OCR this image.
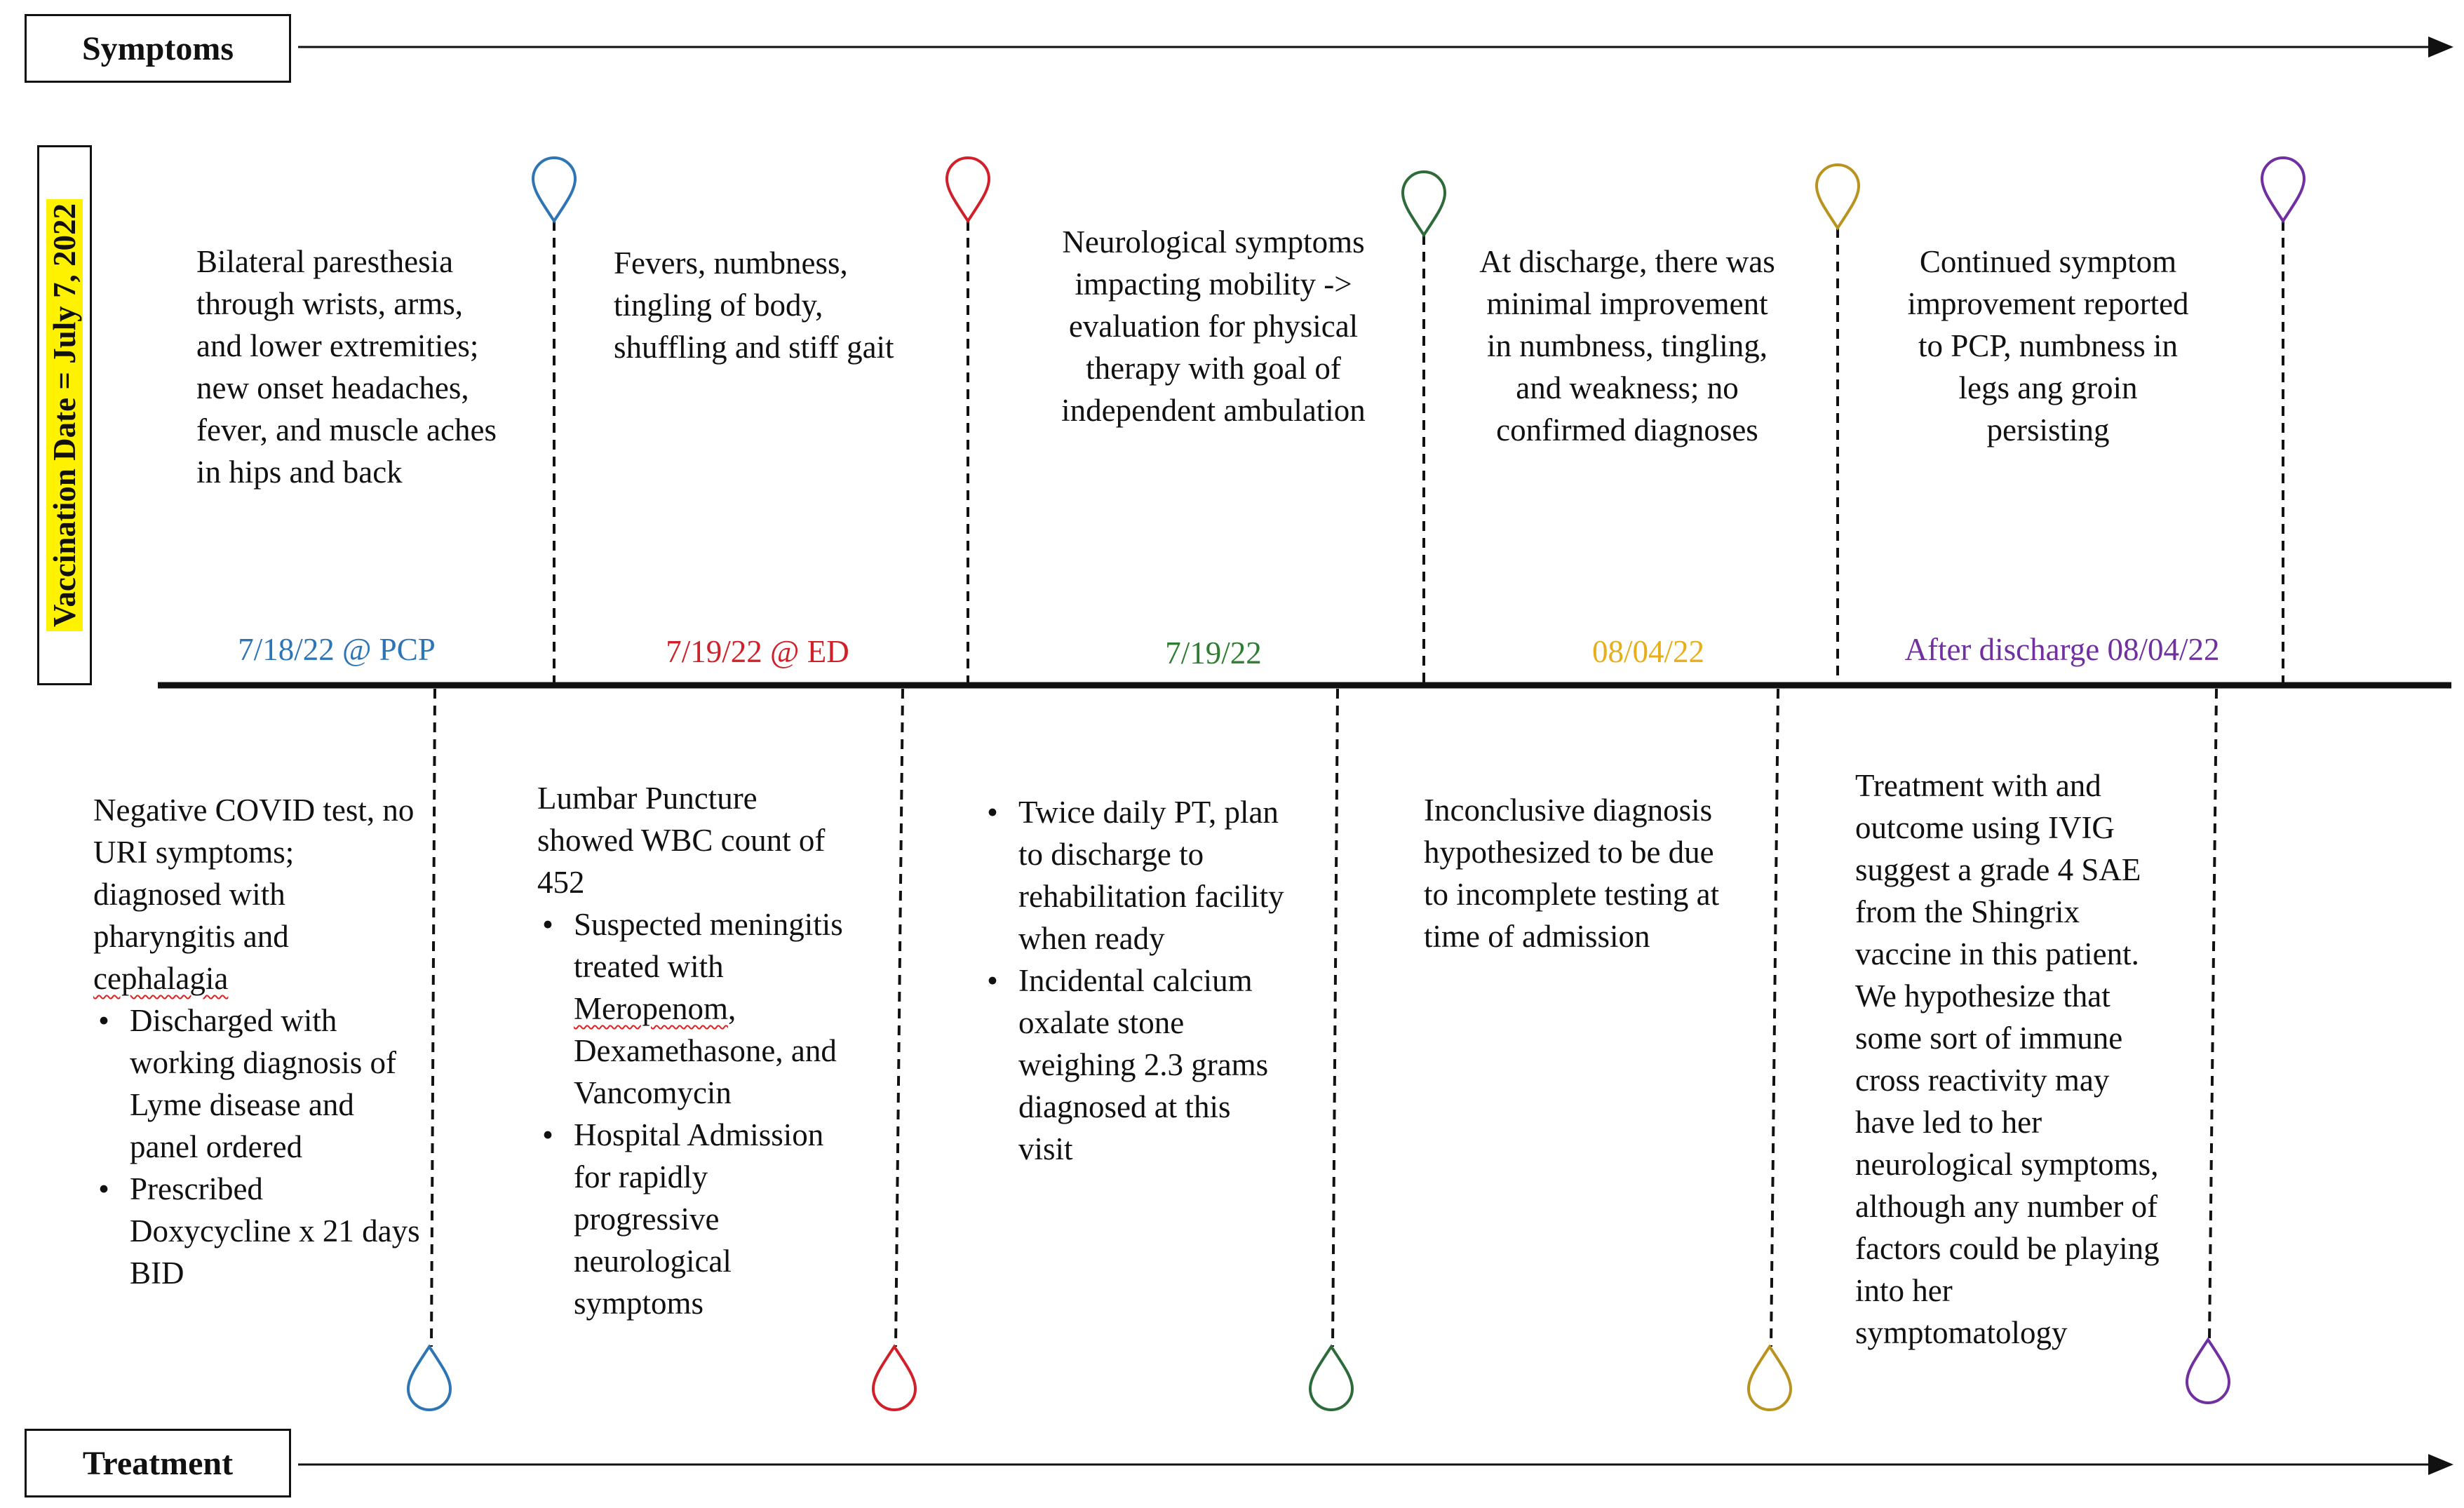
Symptoms
Treatment
Vaccination Date = July 7, 2022	Bilateral paresthesia through wrists, arms, and lower extremities; new onset headaches, fever, and muscle aches in hips and back
Fevers, numbness, tingling of body, shuffling and stiff gait
Neurological symptoms impacting mobility -> evaluation for physical therapy with goal of independent ambulation
At discharge, there was minimal improvement in numbness, tingling, and weakness; no confirmed diagnoses
Continued symptom improvement reported to PCP, numbness in legs ang groin persisting
7/18/22 @ PCP	7/19/22 @ ED	7/19/22	08/04/22	After discharge 08/04/22
Negative COVID test, no URI symptoms; diagnosed with pharyngitis and cephalagia
• Discharged with working diagnosis of Lyme disease and panel ordered
• Prescribed Doxycycline x 21 days BID
Lumbar Puncture showed WBC count of 452
• Suspected meningitis treated with Meropenom, Dexamethasone, and Vancomycin
• Hospital Admission for rapidly progressive neurological symptoms
• Twice daily PT, plan to discharge to rehabilitation facility when ready
• Incidental calcium oxalate stone weighing 2.3 grams diagnosed at this visit
Inconclusive diagnosis hypothesized to be due to incomplete testing at time of admission
Treatment with and outcome using IVIG suggest a grade 4 SAE from the Shingrix vaccine in this patient. We hypothesize that some sort of immune cross reactivity may have led to her neurological symptoms, although any number of factors could be playing into her symptomatology
